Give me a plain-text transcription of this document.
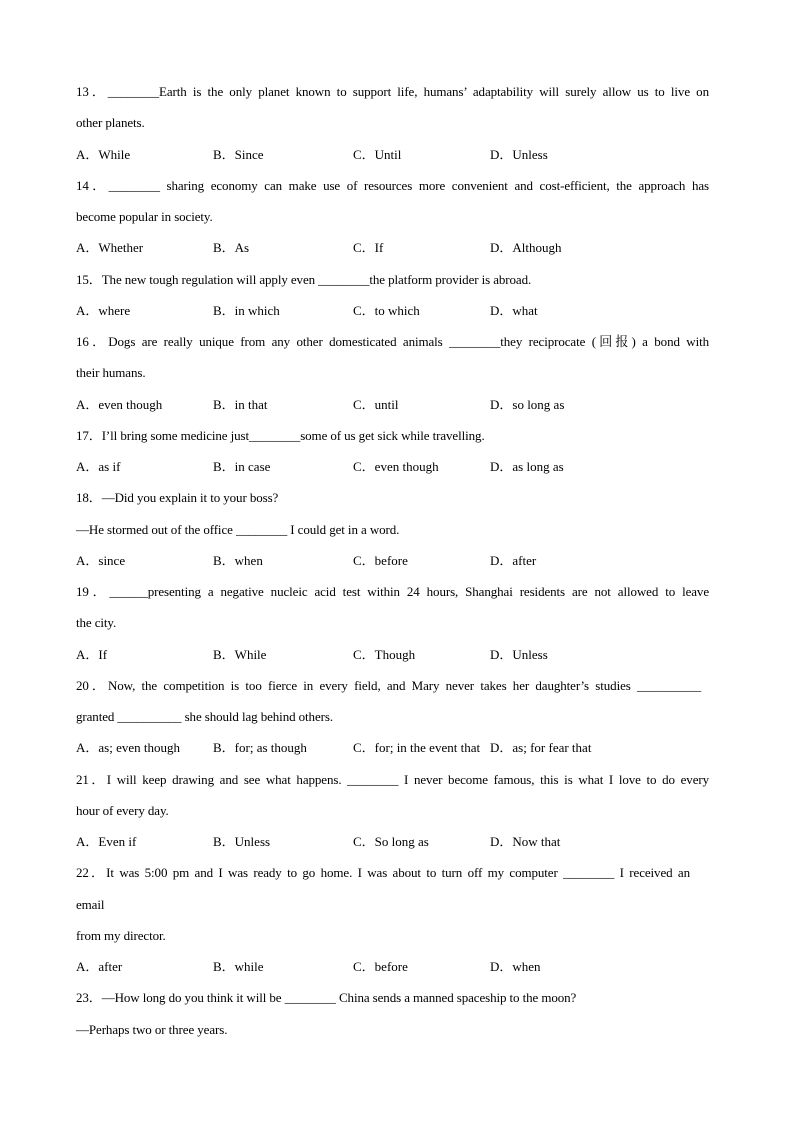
13．________Earth is the only planet known to support life, humans’ adaptability will surely allow us to live on
other planets.
A．While	B．Since	C．Until	D．Unless
14．________ sharing economy can make use of resources more convenient and cost-efficient, the approach has
become popular in society.
A．Whether	B．As	C．If	D．Although
15．The new tough regulation will apply even ________the platform provider is abroad.
A．where	B．in which	C．to which	D．what
16．Dogs are really unique from any other domesticated animals ________they reciprocate (回报) a bond with
their humans.
A．even though	B．in that	C．until	D．so long as
17．I’ll bring some medicine just________some of us get sick while travelling.
A．as if	B．in case	C．even though	D．as long as
18．—Did you explain it to your boss?
—He stormed out of the office ________ I could get in a word.
A．since	B．when	C．before	D．after
19．______presenting a negative nucleic acid test within 24 hours, Shanghai residents are not allowed to leave
the city.
A．If	B．While	C．Though	D．Unless
20．Now, the competition is too fierce in every field, and Mary never takes her daughter’s studies __________
granted __________ she should lag behind others.
A．as; even though	B．for; as though	C．for; in the event that D．as; for fear that
21．I will keep drawing and see what happens. ________ I never become famous, this is what I love to do every
hour of every day.
A．Even if	B．Unless	C．So long as	D．Now that
22．It was 5:00 pm and I was ready to go home. I was about to turn off my computer ________ I received an
email
from my director.
A．after	B．while	C．before	D．when
23．—How long do you think it will be ________ China sends a manned spaceship to the moon?
—Perhaps two or three years.
